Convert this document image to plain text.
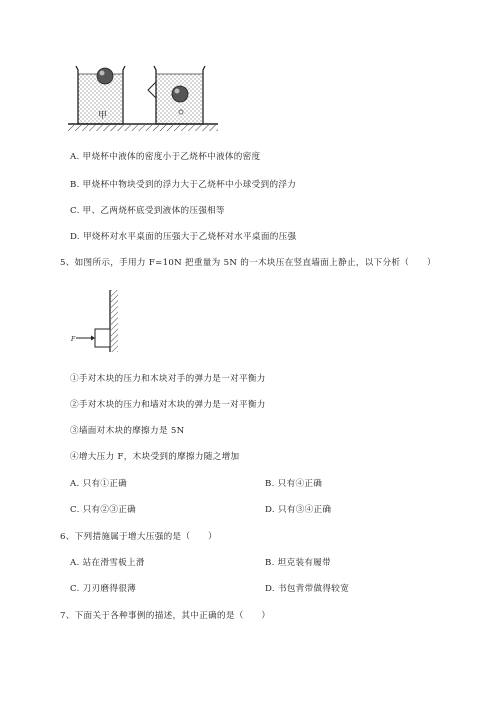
甲
A. 甲烧杯中液体的密度小于乙烧杯中液体的密度
B. 甲烧杯中物块受到的浮力大于乙烧杯中小球受到的浮力
C. 甲、乙两烧杯底受到液体的压强相等
D. 甲烧杯对水平桌面的压强大于乙烧杯对水平桌面的压强
5、如图所示，手用力 F=10N 把重量为 5N 的一木块压在竖直墙面上静止，以下分析（　　）
F
①手对木块的压力和木块对手的弹力是一对平衡力
②手对木块的压力和墙对木块的弹力是一对平衡力
③墙面对木块的摩擦力是 5N
④增大压力 F，木块受到的摩擦力随之增加
A. 只有①正确	B. 只有④正确
C. 只有②③正确	D. 只有③④正确
6、下列措施属于增大压强的是（　　）
A. 站在滑雪板上滑	B. 坦克装有履带
C. 刀刃磨得很薄	D. 书包背带做得较宽
7、下面关于各种事例的描述，其中正确的是（　　）
